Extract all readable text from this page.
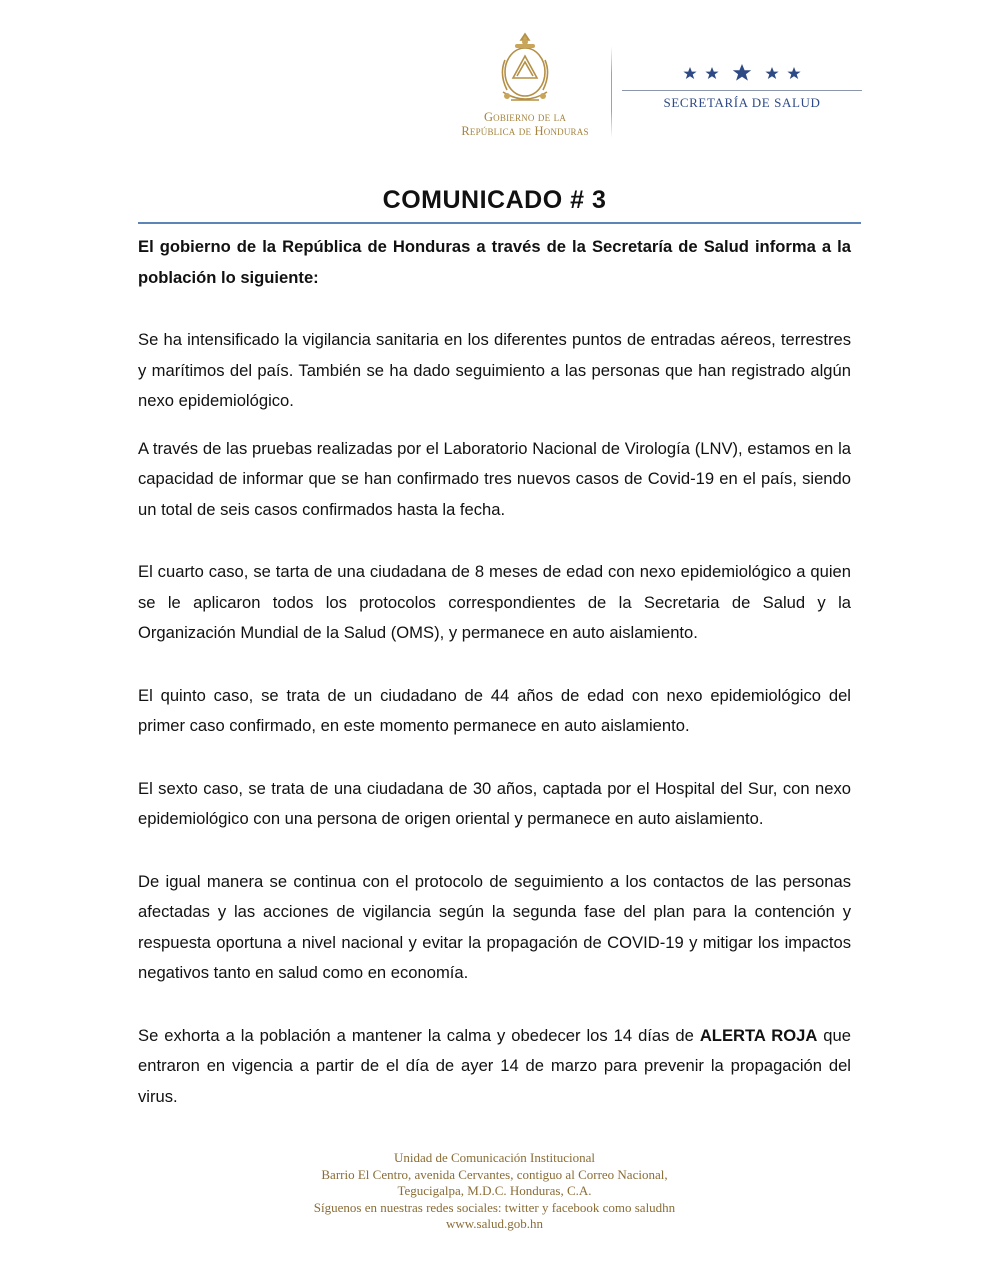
Gobierno de la
República de Honduras
SECRETARÍA DE SALUD
COMUNICADO # 3

El gobierno de la República de Honduras a través de la Secretaría de Salud informa a la población lo siguiente:

Se ha intensificado la vigilancia sanitaria en los diferentes puntos de entradas aéreos, terrestres y marítimos del país. También se ha dado seguimiento a las personas que han registrado algún nexo epidemiológico.

A través de las pruebas realizadas por el Laboratorio Nacional de Virología (LNV), estamos en la capacidad de informar que se han confirmado tres nuevos casos de Covid-19 en el país, siendo un total de seis casos confirmados hasta la fecha.

El cuarto caso, se tarta de una ciudadana de 8 meses de edad con nexo epidemiológico a quien se le aplicaron todos los protocolos correspondientes de la Secretaria de Salud y la Organización Mundial de la Salud (OMS), y permanece en auto aislamiento.

El quinto caso, se trata de un ciudadano de 44 años de edad con nexo epidemiológico del primer caso confirmado, en este momento permanece en auto aislamiento.

El sexto caso, se trata de una ciudadana de 30 años, captada por el Hospital del Sur, con nexo epidemiológico con una persona de origen oriental y permanece en auto aislamiento.

De igual manera se continua con el protocolo de seguimiento a los contactos de las personas afectadas y las acciones de vigilancia según la segunda fase del plan para la contención y respuesta oportuna a nivel nacional y evitar la propagación de COVID-19 y mitigar los impactos negativos tanto en salud como en economía.

Se exhorta a la población a mantener la calma y obedecer los 14 días de ALERTA ROJA que entraron en vigencia a partir de el día de ayer 14 de marzo para prevenir la propagación del virus.

Unidad de Comunicación Institucional
Barrio El Centro, avenida Cervantes, contiguo al Correo Nacional,
Tegucigalpa, M.D.C. Honduras, C.A.
Síguenos en nuestras redes sociales: twitter y facebook como saludhn
www.salud.gob.hn
